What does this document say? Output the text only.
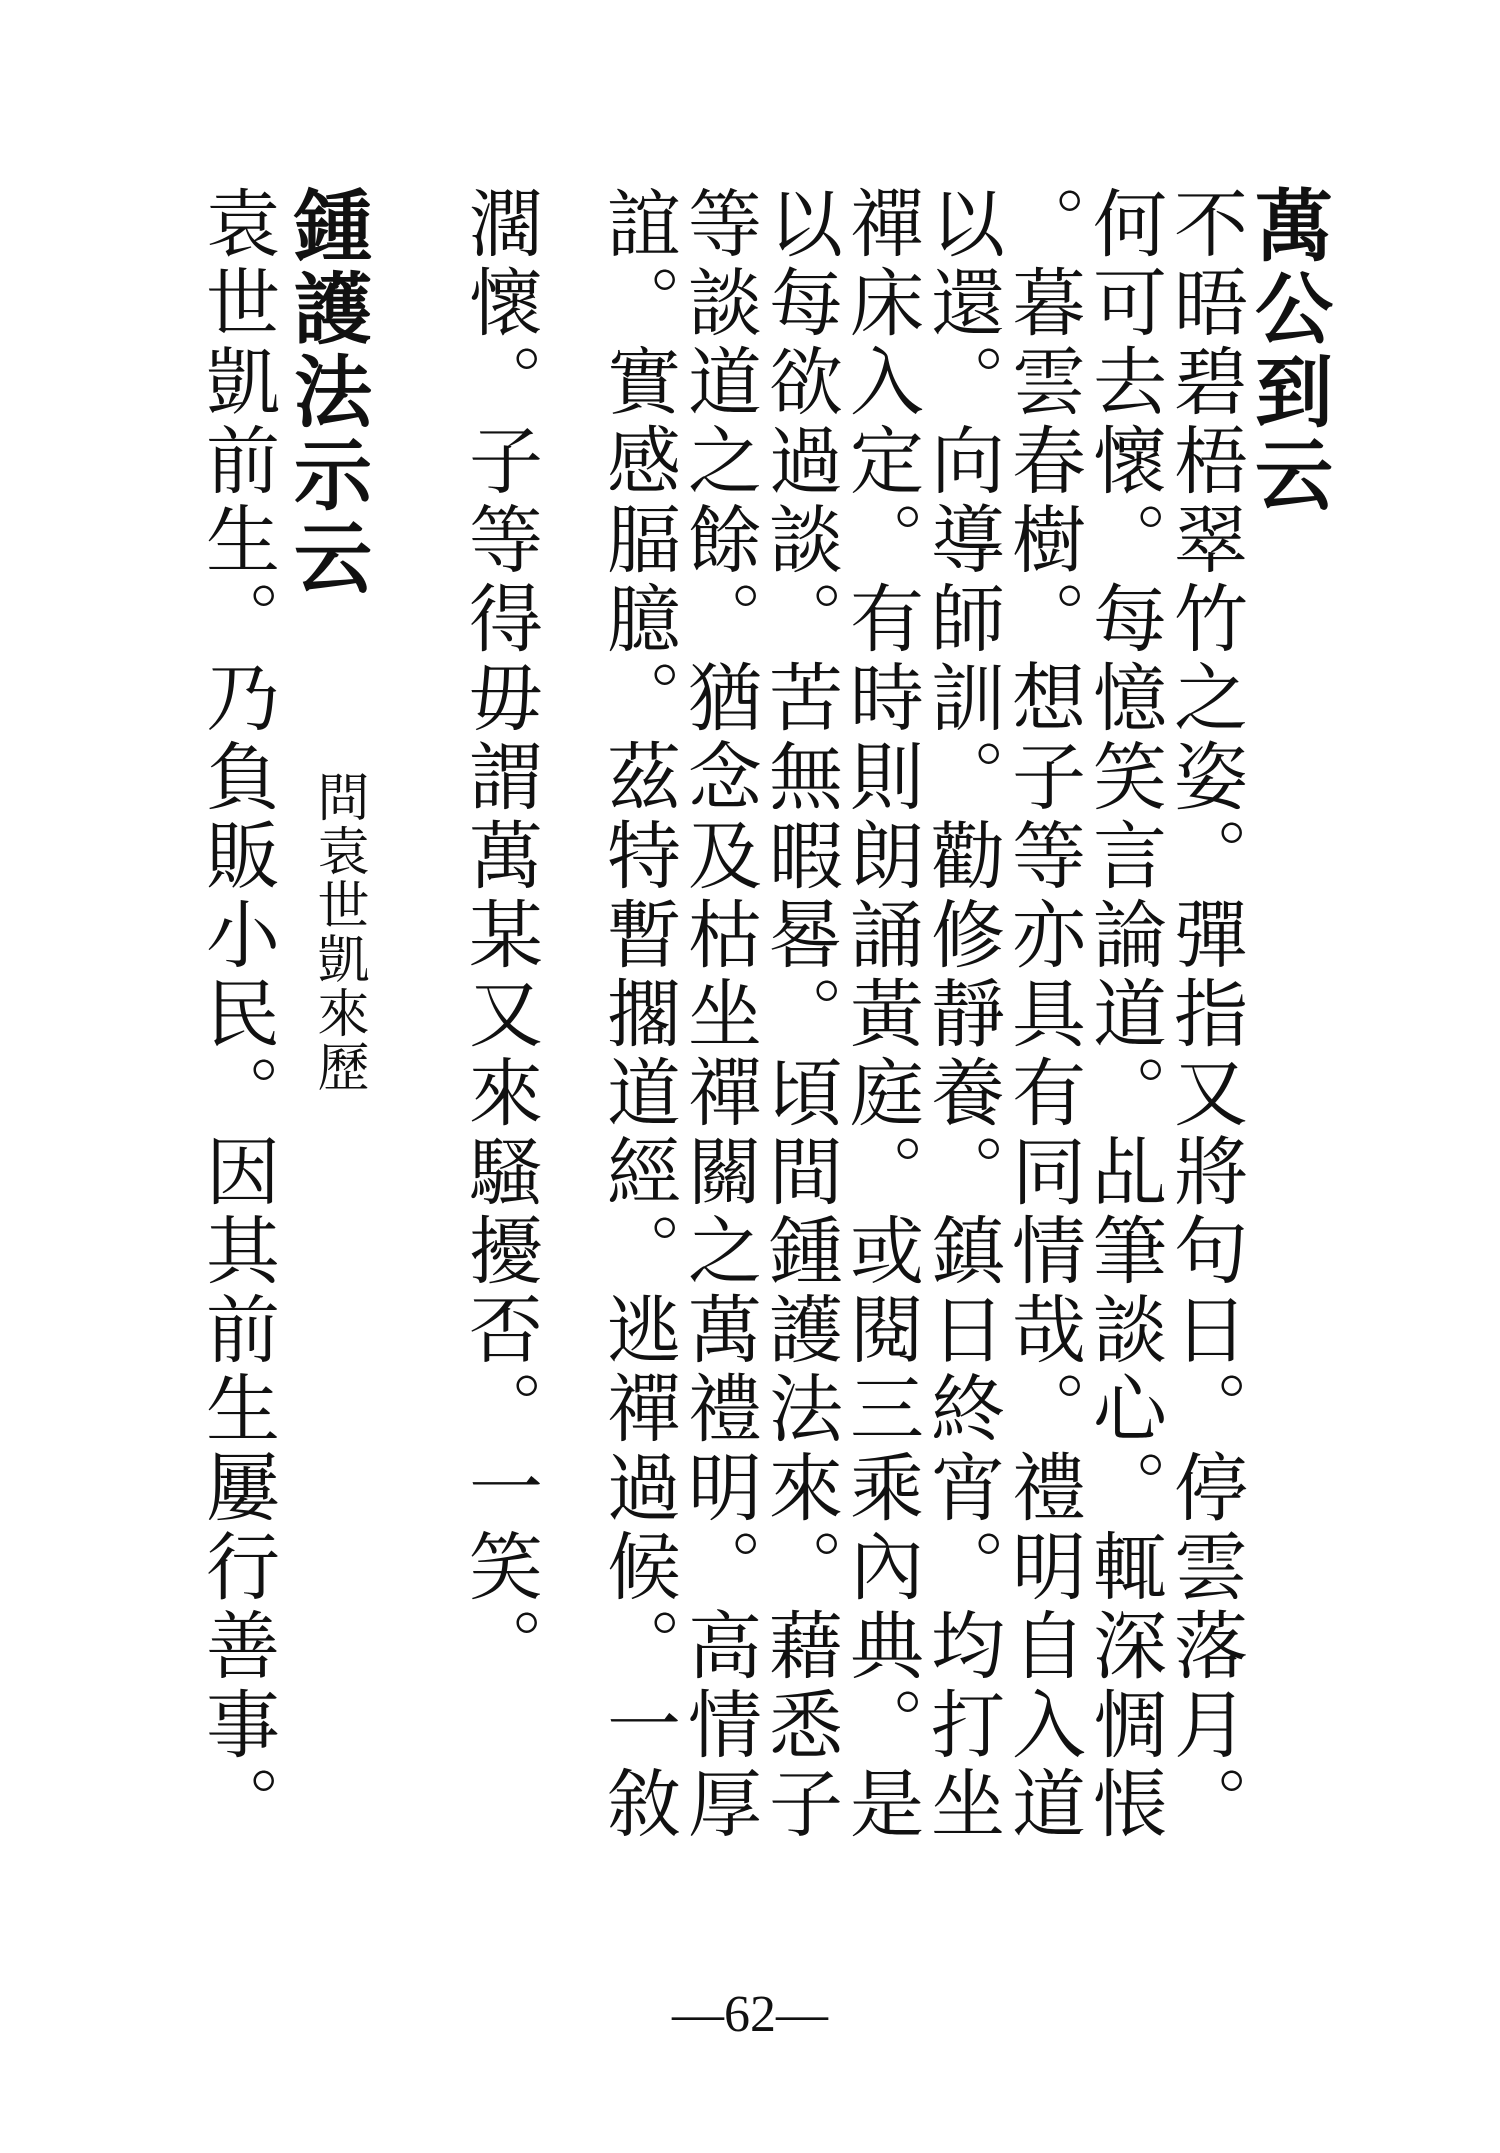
萬公到云
不晤碧梧翠竹之姿。彈指又將句日。停雲落月。
何可去懷。每憶笑言論道。乩筆談心。輒深惆悵
。暮雲春樹。想子等亦具有同情哉。禮明自入道
以還。向導師訓。勸修靜養。鎮日終宵。均打坐
禪床入定。有時則朗誦黃庭。或閱三乘內典。是
以每欲過談。苦無暇晷。頃間鍾護法來。藉悉子
等談道之餘。猶念及枯坐禪關之萬禮明。高情厚
誼。實感腷臆。茲特暫擱道經。逃禪過候。一敘
濶懷。子等得毋謂萬某又來騷擾否。一笑。
鍾護法示云
問袁世凱來歷
袁世凱前生。乃負販小民。因其前生屢行善事。
—62—
